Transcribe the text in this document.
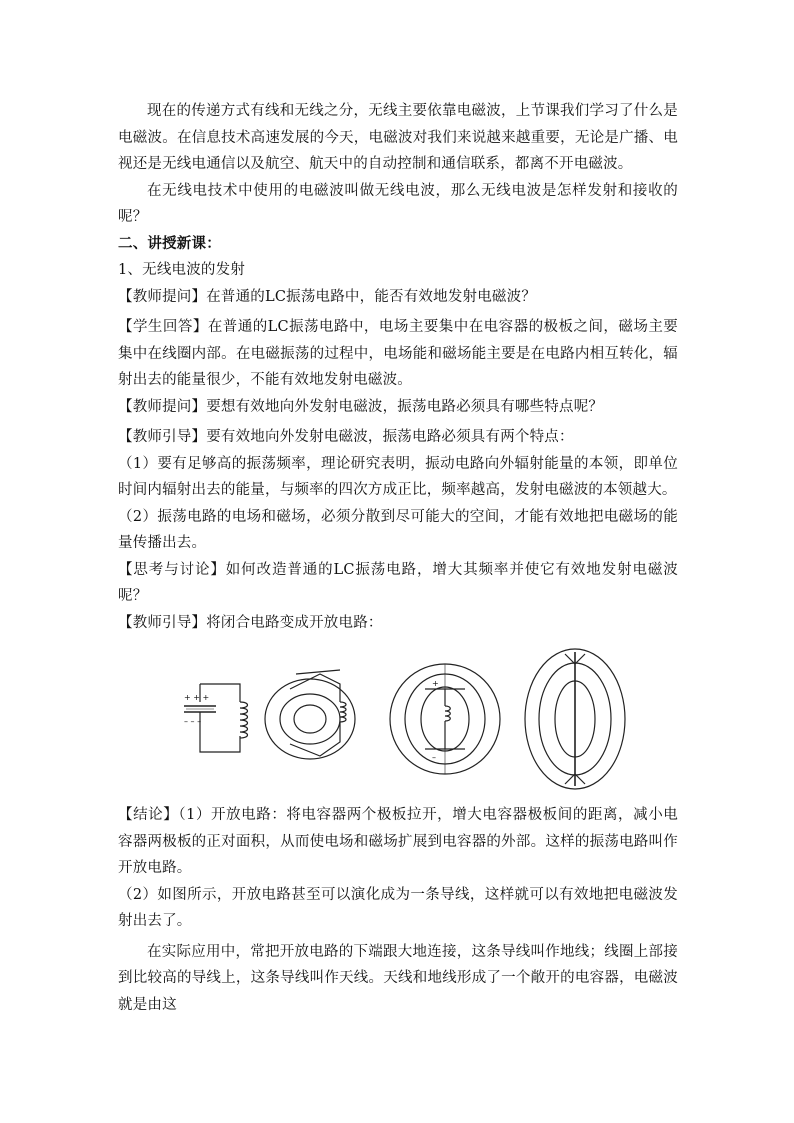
现在的传递方式有线和无线之分，无线主要依靠电磁波，上节课我们学习了什么是电磁波。在信息技术高速发展的今天，电磁波对我们来说越来越重要，无论是广播、电视还是无线电通信以及航空、航天中的自动控制和通信联系，都离不开电磁波。

在无线电技术中使用的电磁波叫做无线电波，那么无线电波是怎样发射和接收的呢？

二、讲授新课：

1、无线电波的发射

【教师提问】在普通的LC振荡电路中，能否有效地发射电磁波？

【学生回答】在普通的LC振荡电路中，电场主要集中在电容器的极板之间，磁场主要集中在线圈内部。在电磁振荡的过程中，电场能和磁场能主要是在电路内相互转化，辐射出去的能量很少，不能有效地发射电磁波。

【教师提问】要想有效地向外发射电磁波，振荡电路必须具有哪些特点呢？

【教师引导】要有效地向外发射电磁波，振荡电路必须具有两个特点：

（1）要有足够高的振荡频率，理论研究表明，振动电路向外辐射能量的本领，即单位时间内辐射出去的能量，与频率的四次方成正比，频率越高，发射电磁波的本领越大。

（2）振荡电路的电场和磁场，必须分散到尽可能大的空间，才能有效地把电磁场的能量传播出去。

【思考与讨论】如何改造普通的LC振荡电路，增大其频率并使它有效地发射电磁波呢？

【教师引导】将闭合电路变成开放电路：

+ + +
– – –
+
–

【结论】（1）开放电路：将电容器两个极板拉开，增大电容器极板间的距离，减小电容器两极板的正对面积，从而使电场和磁场扩展到电容器的外部。这样的振荡电路叫作开放电路。

（2）如图所示，开放电路甚至可以演化成为一条导线，这样就可以有效地把电磁波发射出去了。

在实际应用中，常把开放电路的下端跟大地连接，这条导线叫作地线；线圈上部接到比较高的导线上，这条导线叫作天线。天线和地线形成了一个敞开的电容器，电磁波就是由这
